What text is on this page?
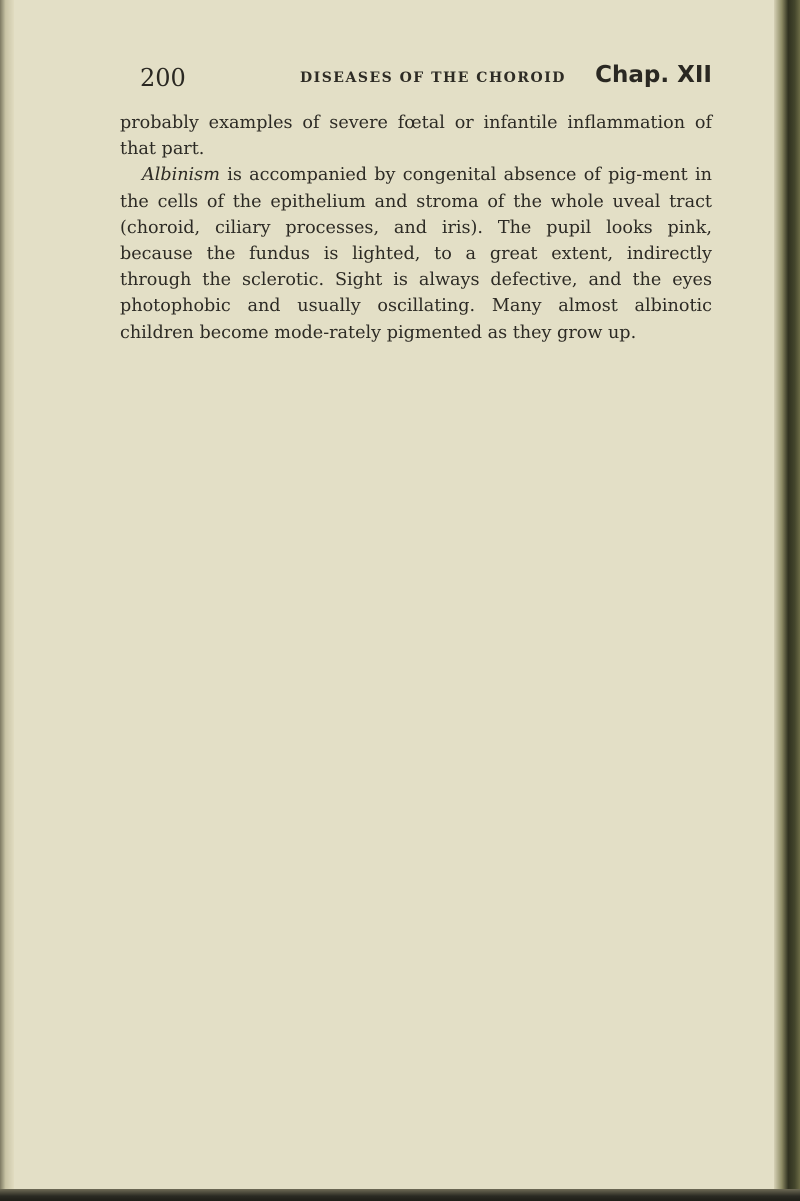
200	DISEASES OF THE CHOROID Chap. XII

probably examples of severe fœtal or infantile inflammation of that part.

Albinism is accompanied by congenital absence of pig-ment in the cells of the epithelium and stroma of the whole uveal tract (choroid, ciliary processes, and iris). The pupil looks pink, because the fundus is lighted, to a great extent, indirectly through the sclerotic. Sight is always defective, and the eyes photophobic and usually oscillating. Many almost albinotic children become mode-rately pigmented as they grow up.
